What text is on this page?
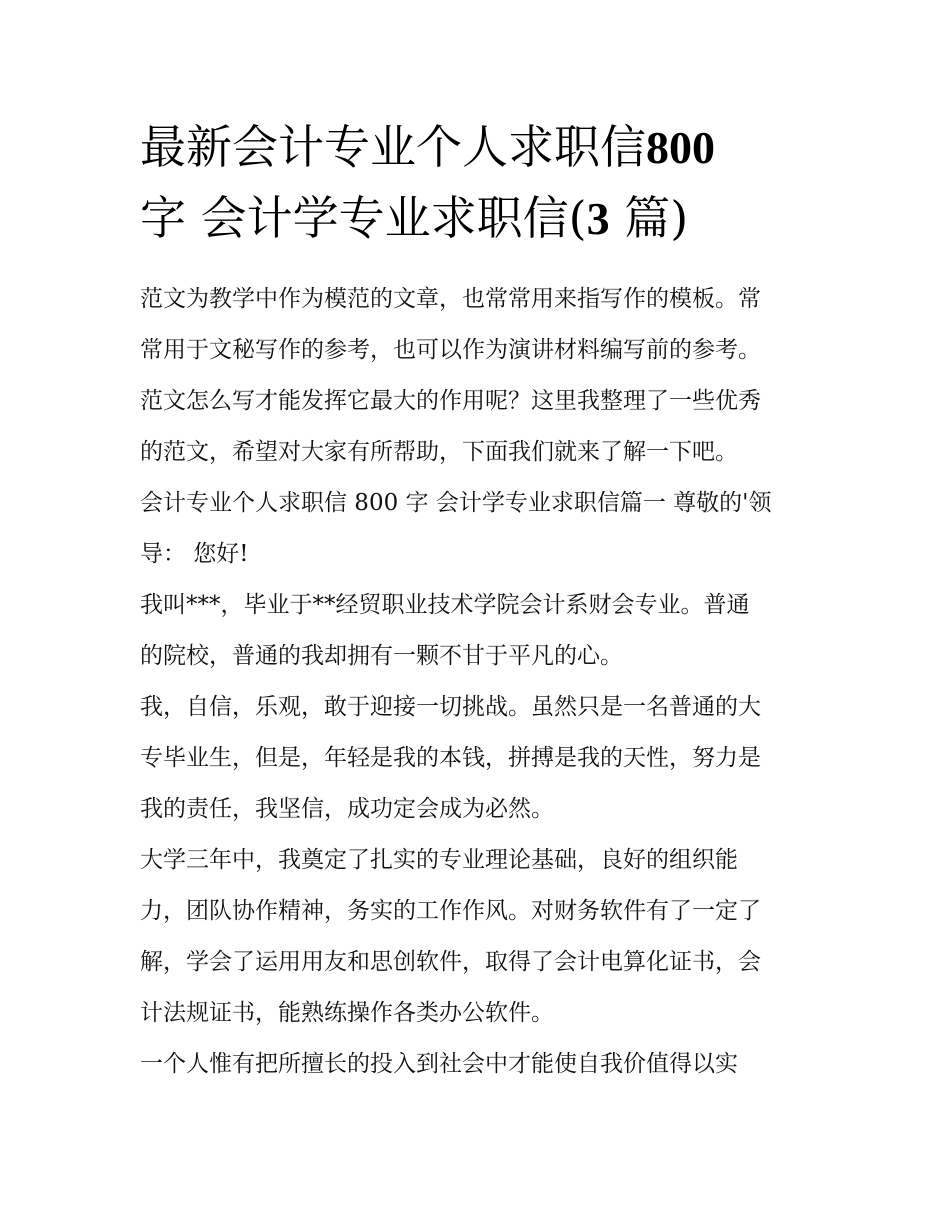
最新会计专业个人求职信800
字 会计学专业求职信(3 篇)

范文为教学中作为模范的文章，也常常用来指写作的模板。常
常用于文秘写作的参考，也可以作为演讲材料编写前的参考。
范文怎么写才能发挥它最大的作用呢？这里我整理了一些优秀
的范文，希望对大家有所帮助，下面我们就来了解一下吧。

会计专业个人求职信 800 字 会计学专业求职信篇一 尊敬的'领
导： 您好!

我叫***，毕业于**经贸职业技术学院会计系财会专业。普通
的院校，普通的我却拥有一颗不甘于平凡的心。

我，自信，乐观，敢于迎接一切挑战。虽然只是一名普通的大
专毕业生，但是，年轻是我的本钱，拼搏是我的天性，努力是
我的责任，我坚信，成功定会成为必然。

大学三年中，我奠定了扎实的专业理论基础，良好的组织能
力，团队协作精神，务实的工作作风。对财务软件有了一定了
解，学会了运用用友和思创软件，取得了会计电算化证书，会
计法规证书，能熟练操作各类办公软件。

一个人惟有把所擅长的投入到社会中才能使自我价值得以实
